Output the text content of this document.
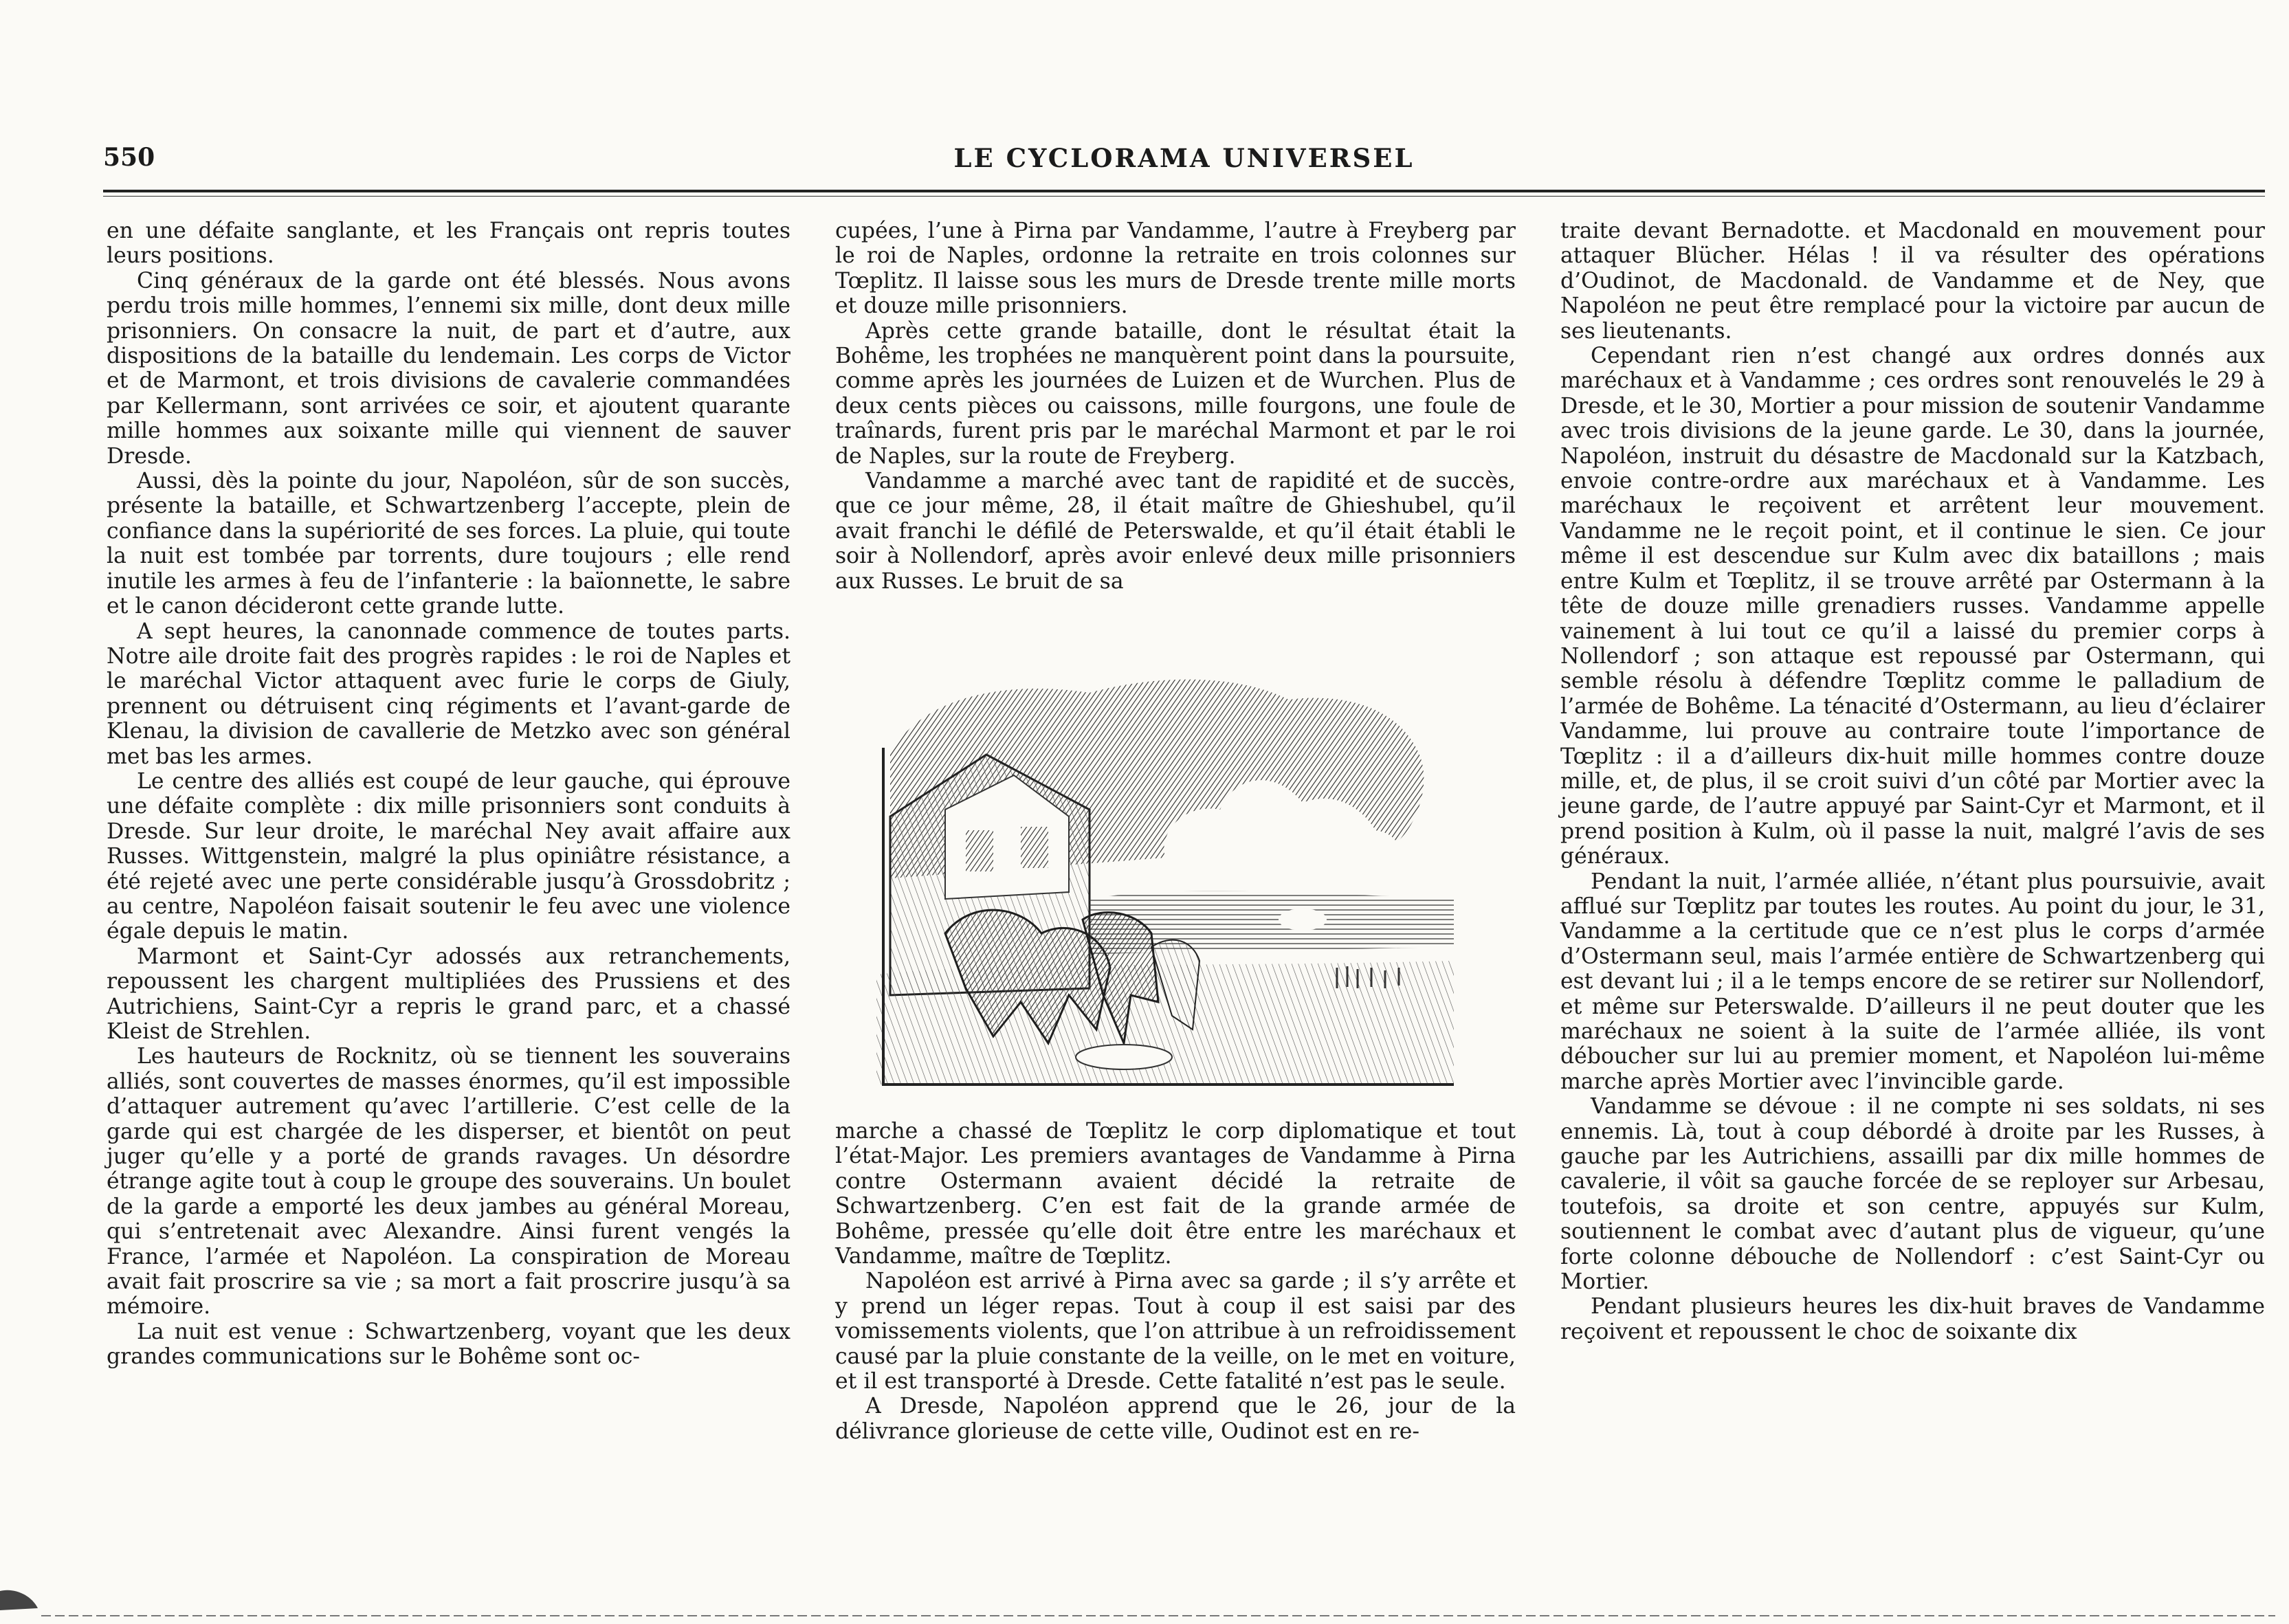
550	LE CYCLORAMA UNIVERSEL

en une défaite sanglante, et les Français ont repris toutes leurs positions.

Cinq généraux de la garde ont été blessés. Nous avons perdu trois mille hommes, l’ennemi six mille, dont deux mille prisonniers. On consacre la nuit, de part et d’autre, aux dispositions de la bataille du lendemain. Les corps de Victor et de Marmont, et trois divisions de cavalerie commandées par Kellermann, sont arrivées ce soir, et ajoutent quarante mille hommes aux soixante mille qui viennent de sauver Dresde.

Aussi, dès la pointe du jour, Napoléon, sûr de son succès, présente la bataille, et Schwartzenberg l’accepte, plein de confiance dans la supériorité de ses forces. La pluie, qui toute la nuit est tombée par torrents, dure toujours ; elle rend inutile les armes à feu de l’infanterie : la baïonnette, le sabre et le canon décideront cette grande lutte.

A sept heures, la canonnade commence de toutes parts. Notre aile droite fait des progrès rapides : le roi de Naples et le maréchal Victor attaquent avec furie le corps de Giuly, prennent ou détruisent cinq régiments et l’avant-garde de Klenau, la division de cavallerie de Metzko avec son général met bas les armes.

Le centre des alliés est coupé de leur gauche, qui éprouve une défaite complète : dix mille prisonniers sont conduits à Dresde. Sur leur droite, le maréchal Ney avait affaire aux Russes. Wittgenstein, malgré la plus opiniâtre résistance, a été rejeté avec une perte considérable jusqu’à Grossdobritz ; au centre, Napoléon faisait soutenir le feu avec une violence égale depuis le matin.

Marmont et Saint-Cyr adossés aux retranchements, repoussent les chargent multipliées des Prussiens et des Autrichiens, Saint-Cyr a repris le grand parc, et a chassé Kleist de Strehlen.

Les hauteurs de Rocknitz, où se tiennent les souverains alliés, sont couvertes de masses énormes, qu’il est impossible d’attaquer autrement qu’avec l’artillerie. C’est celle de la garde qui est chargée de les disperser, et bientôt on peut juger qu’elle y a porté de grands ravages. Un désordre étrange agite tout à coup le groupe des souverains. Un boulet de la garde a emporté les deux jambes au général Moreau, qui s’entretenait avec Alexandre. Ainsi furent vengés la France, l’armée et Napoléon. La conspiration de Moreau avait fait proscrire sa vie ; sa mort a fait proscrire jusqu’à sa mémoire.

La nuit est venue : Schwartzenberg, voyant que les deux grandes communications sur le Bohême sont oc-

cupées, l’une à Pirna par Vandamme, l’autre à Freyberg par le roi de Naples, ordonne la retraite en trois colonnes sur Tœplitz. Il laisse sous les murs de Dresde trente mille morts et douze mille prisonniers.

Après cette grande bataille, dont le résultat était la Bohême, les trophées ne manquèrent point dans la poursuite, comme après les journées de Luizen et de Wurchen. Plus de deux cents pièces ou caissons, mille fourgons, une foule de traînards, furent pris par le maréchal Marmont et par le roi de Naples, sur la route de Freyberg.

Vandamme a marché avec tant de rapidité et de succès, que ce jour même, 28, il était maître de Ghieshubel, qu’il avait franchi le défilé de Peterswalde, et qu’il était établi le soir à Nollendorf, après avoir enlevé deux mille prisonniers aux Russes. Le bruit de sa

marche a chassé de Tœplitz le corp diplomatique et tout l’état-Major. Les premiers avantages de Vandamme à Pirna contre Ostermann avaient décidé la retraite de Schwartzenberg. C’en est fait de la grande armée de Bohême, pressée qu’elle doit être entre les maréchaux et Vandamme, maître de Tœplitz.

Napoléon est arrivé à Pirna avec sa garde ; il s’y arrête et y prend un léger repas. Tout à coup il est saisi par des vomissements violents, que l’on attribue à un refroidissement causé par la pluie constante de la veille, on le met en voiture, et il est transporté à Dresde. Cette fatalité n’est pas le seule.

A Dresde, Napoléon apprend que le 26, jour de la délivrance glorieuse de cette ville, Oudinot est en re-

traite devant Bernadotte. et Macdonald en mouvement pour attaquer Blücher. Hélas ! il va résulter des opérations d’Oudinot, de Macdonald. de Vandamme et de Ney, que Napoléon ne peut être remplacé pour la victoire par aucun de ses lieutenants.

Cependant rien n’est changé aux ordres donnés aux maréchaux et à Vandamme ; ces ordres sont renouvelés le 29 à Dresde, et le 30, Mortier a pour mission de soutenir Vandamme avec trois divisions de la jeune garde. Le 30, dans la journée, Napoléon, instruit du désastre de Macdonald sur la Katzbach, envoie contre-ordre aux maréchaux et à Vandamme. Les maréchaux le reçoivent et arrêtent leur mouvement. Vandamme ne le reçoit point, et il continue le sien. Ce jour même il est descendue sur Kulm avec dix bataillons ; mais entre Kulm et Tœplitz, il se trouve arrêté par Ostermann à la tête de douze mille grenadiers russes. Vandamme appelle vainement à lui tout ce qu’il a laissé du premier corps à Nollendorf ; son attaque est repoussé par Ostermann, qui semble résolu à défendre Tœplitz comme le palladium de l’armée de Bohême. La ténacité d’Ostermann, au lieu d’éclairer Vandamme, lui prouve au contraire toute l’importance de Tœplitz : il a d’ailleurs dix-huit mille hommes contre douze mille, et, de plus, il se croit suivi d’un côté par Mortier avec la jeune garde, de l’autre appuyé par Saint-Cyr et Marmont, et il prend position à Kulm, où il passe la nuit, malgré l’avis de ses généraux.

Pendant la nuit, l’armée alliée, n’étant plus poursuivie, avait afflué sur Tœplitz par toutes les routes. Au point du jour, le 31, Vandamme a la certitude que ce n’est plus le corps d’armée d’Ostermann seul, mais l’armée entière de Schwartzenberg qui est devant lui ; il a le temps encore de se retirer sur Nollendorf, et même sur Peterswalde. D’ailleurs il ne peut douter que les maréchaux ne soient à la suite de l’armée alliée, ils vont déboucher sur lui au premier moment, et Napoléon lui-même marche après Mortier avec l’invincible garde.

Vandamme se dévoue : il ne compte ni ses soldats, ni ses ennemis. Là, tout à coup débordé à droite par les Russes, à gauche par les Autrichiens, assailli par dix mille hommes de cavalerie, il vôit sa gauche forcée de se reployer sur Arbesau, toutefois, sa droite et son centre, appuyés sur Kulm, soutiennent le combat avec d’autant plus de vigueur, qu’une forte colonne débouche de Nollendorf : c’est Saint-Cyr ou Mortier.

Pendant plusieurs heures les dix-huit braves de Vandamme reçoivent et repoussent le choc de soixante dix
